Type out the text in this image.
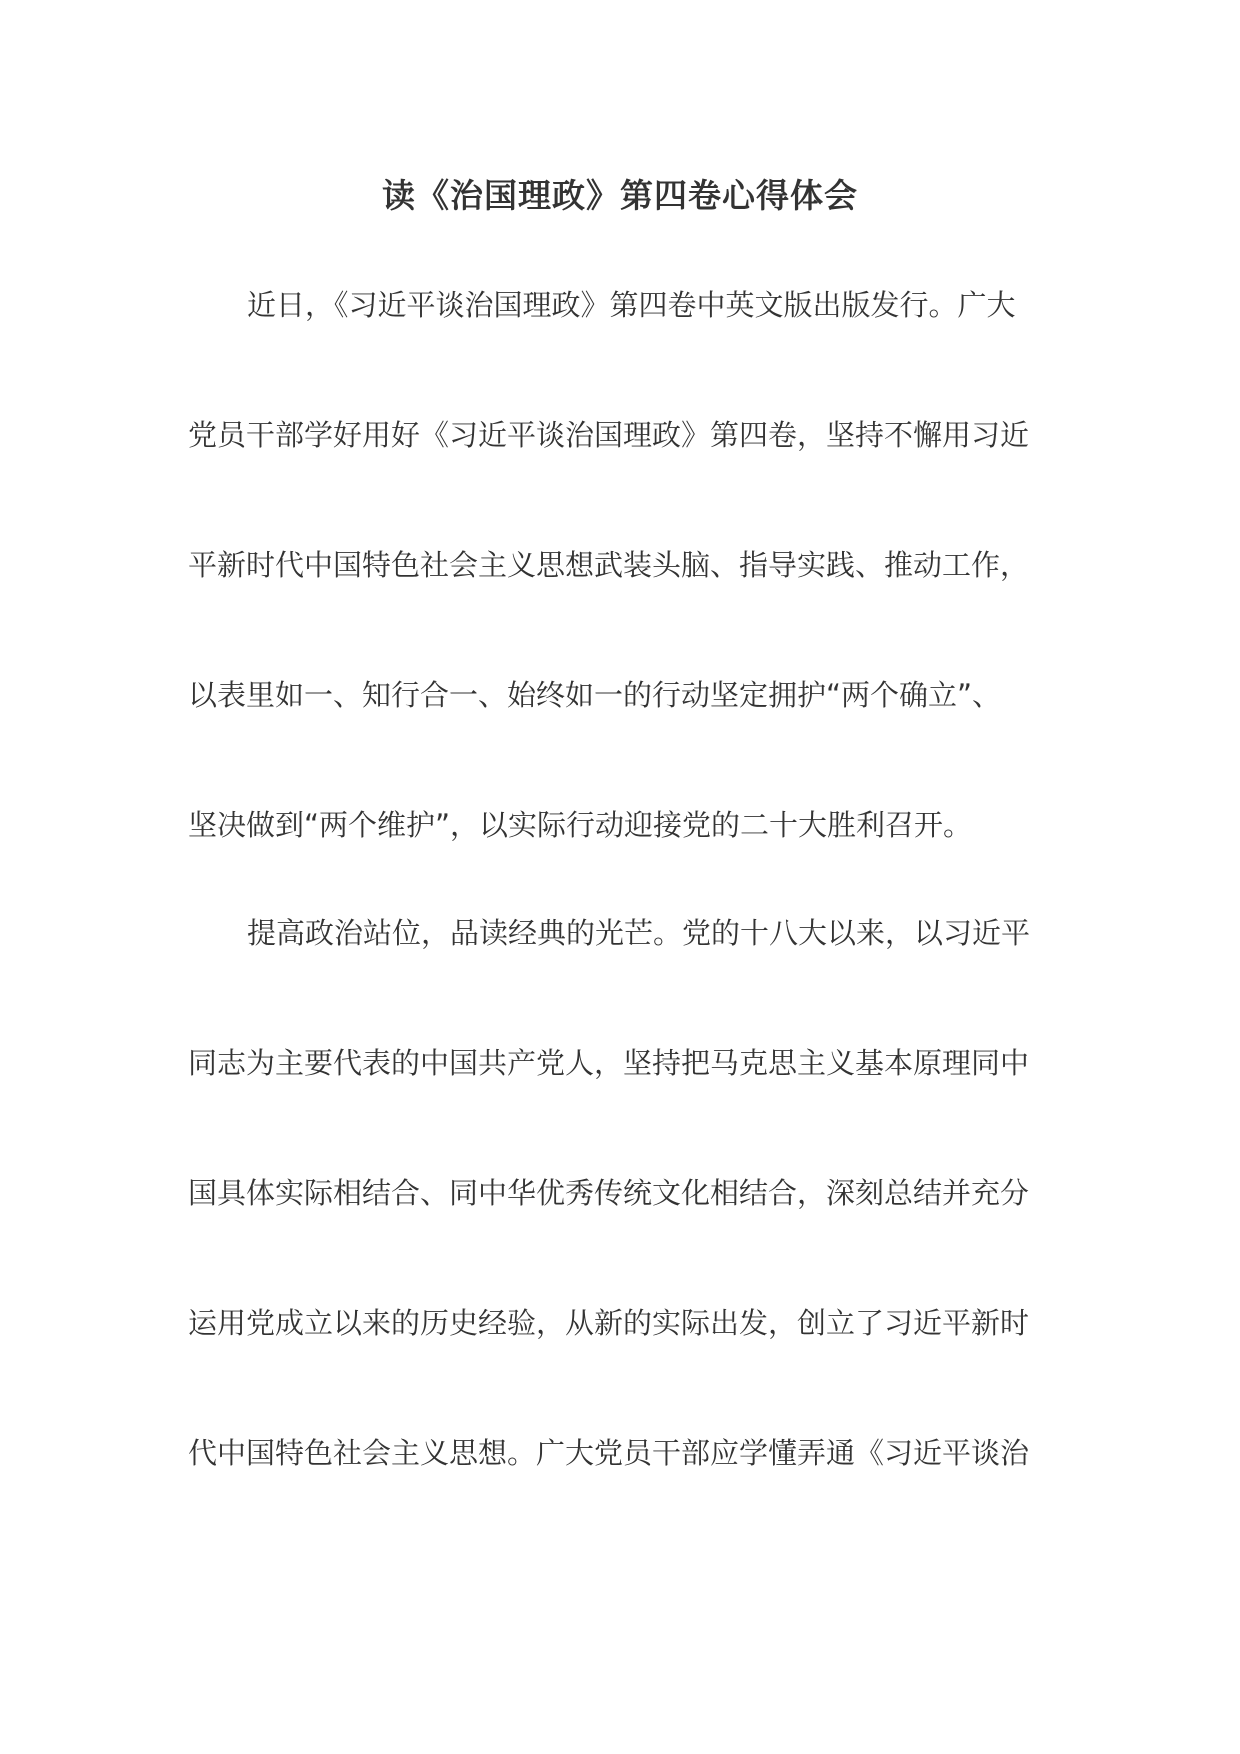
读《治国理政》第四卷心得体会
近日，《习近平谈治国理政》第四卷中英文版出版发行。广大
党员干部学好用好《习近平谈治国理政》第四卷，坚持不懈用习近
平新时代中国特色社会主义思想武装头脑、指导实践、推动工作，
以表里如一、知行合一、始终如一的行动坚定拥护“两个确立”、
坚决做到“两个维护”，以实际行动迎接党的二十大胜利召开。
提高政治站位，品读经典的光芒。党的十八大以来，以习近平
同志为主要代表的中国共产党人，坚持把马克思主义基本原理同中
国具体实际相结合、同中华优秀传统文化相结合，深刻总结并充分
运用党成立以来的历史经验，从新的实际出发，创立了习近平新时
代中国特色社会主义思想。广大党员干部应学懂弄通《习近平谈治
